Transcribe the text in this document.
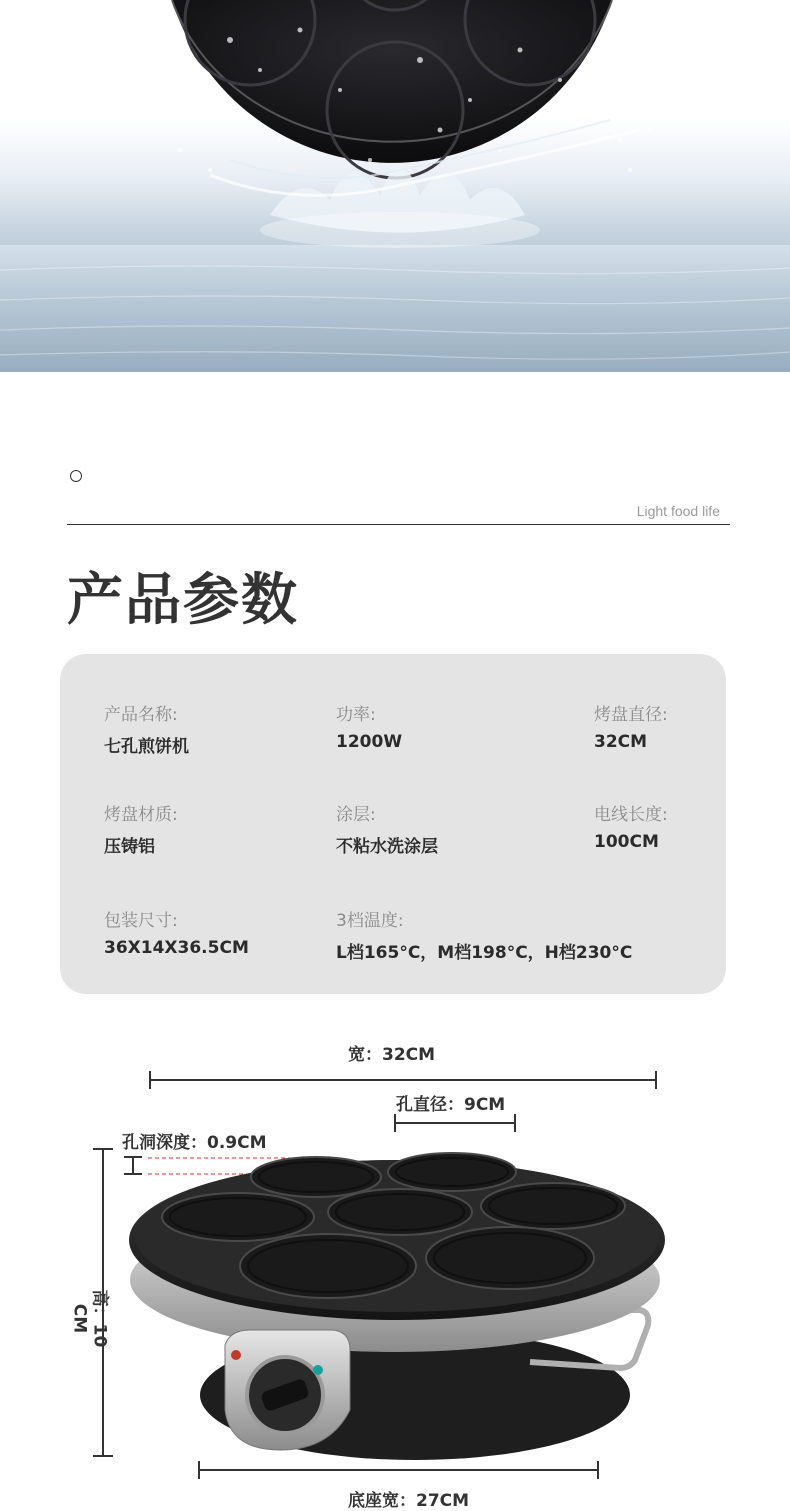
Light food life
产品参数
产品名称:
七孔煎饼机
功率:
1200W
烤盘直径:
32CM
烤盘材质:
压铸铝
涂层:
不粘水洗涂层
电线长度:
100CM
包装尺寸:
36X14X36.5CM
3档温度:
L档165°C，M档198°C，H档230°C
宽：32CM
孔直径：9CM
孔洞深度：0.9CM
高：10 CM
底座宽：27CM
